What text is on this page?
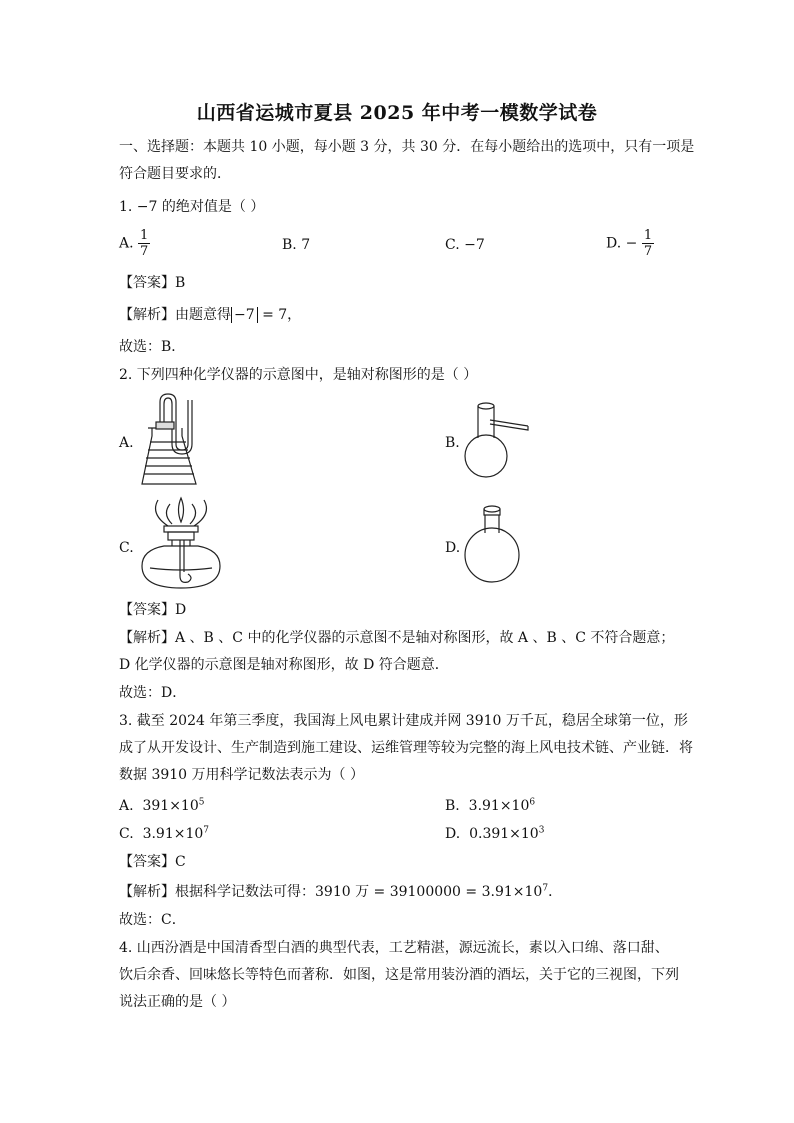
山西省运城市夏县 2025 年中考一模数学试卷
一、选择题：本题共 10 小题，每小题 3 分，共 30 分．在每小题给出的选项中，只有一项是
符合题目要求的．
1. −7 的绝对值是（ ）
A. $\frac{1}{7}$	B. 7	C. −7	D. − $\frac{1}{7}$
【答案】B
【解析】由题意得 −7 = 7，
故选：B．
2. 下列四种化学仪器的示意图中，是轴对称图形的是（ ）
A.	B.
C.	D.
【答案】D
【解析】A 、B 、C 中的化学仪器的示意图不是轴对称图形，故 A 、B 、C 不符合题意；
D 化学仪器的示意图是轴对称图形，故 D 符合题意．
故选：D．
3. 截至 2024 年第三季度，我国海上风电累计建成并网 3910 万千瓦，稳居全球第一位，形
成了从开发设计、生产制造到施工建设、运维管理等较为完整的海上风电技术链、产业链．将
数据 3910 万用科学记数法表示为（ ）
A. $391\times 10^5$	B. $3.91\times 10^6$
C. $3.91\times 10^7$	D. $0.391\times 10^3$
【答案】C
【解析】根据科学记数法可得：3910 万 = $39100000 = 3.91\times 10^7$．
故选：C．
4. 山西汾酒是中国清香型白酒的典型代表，工艺精湛，源远流长，素以入口绵、落口甜、
饮后余香、回味悠长等特色而著称．如图，这是常用装汾酒的酒坛，关于它的三视图，下列
说法正确的是（ ）
